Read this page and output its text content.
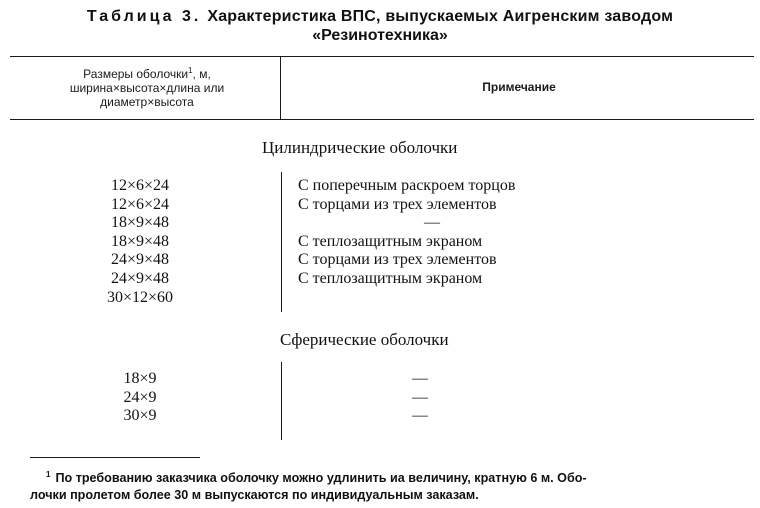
Таблица 3. Характеристика ВПС, выпускаемых Аигренским заводом
«Резинотехника»
Размеры оболочки$^1$, м,
ширина×высота×длина или
диаметр×высота
Примечание
Цилиндрические оболочки
12×6×24
12×6×24
18×9×48
18×9×48
24×9×48
24×9×48
30×12×60
С поперечным раскроем торцов
С торцами из трех элементов
—
С теплозащитным экраном
С торцами из трех элементов
С теплозащитным экраном
Сферические оболочки
18×9
24×9
30×9
—
—
—
$^1$ По требованию заказчика оболочку можно удлинить иа величину, кратную 6 м. Обо-
лочки пролетом более 30 м выпускаются по индивидуальным заказам.
